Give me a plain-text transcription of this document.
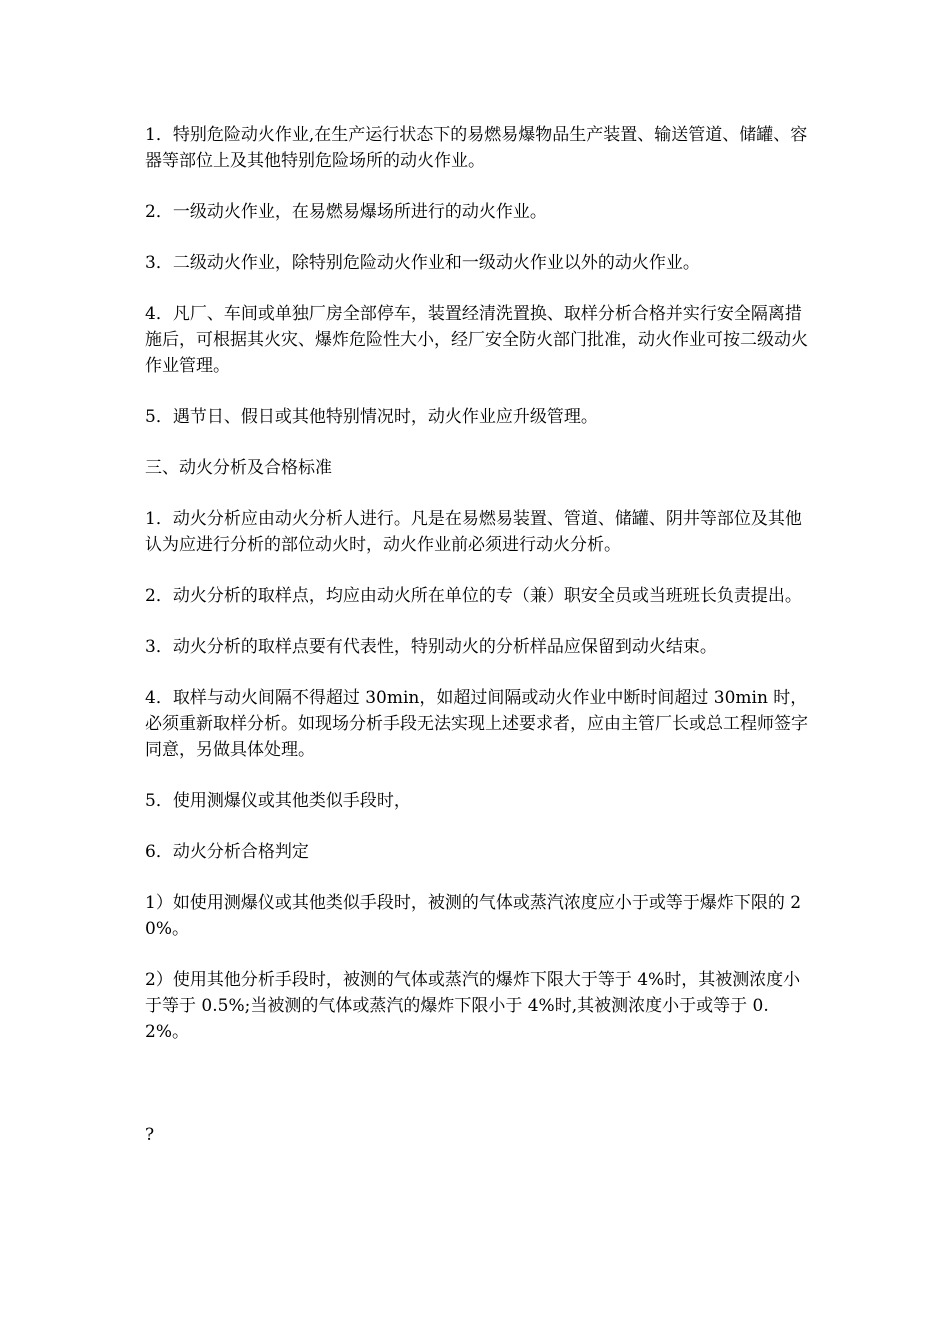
1．特别危险动火作业,在生产运行状态下的易燃易爆物品生产装置、输送管道、储罐、容器等部位上及其他特别危险场所的动火作业。

2．一级动火作业，在易燃易爆场所进行的动火作业。

3．二级动火作业，除特别危险动火作业和一级动火作业以外的动火作业。

4．凡厂、车间或单独厂房全部停车，装置经清洗置换、取样分析合格并实行安全隔离措施后，可根据其火灾、爆炸危险性大小，经厂安全防火部门批准，动火作业可按二级动火作业管理。

5．遇节日、假日或其他特别情况时，动火作业应升级管理。

三、动火分析及合格标准

1．动火分析应由动火分析人进行。凡是在易燃易装置、管道、储罐、阴井等部位及其他认为应进行分析的部位动火时，动火作业前必须进行动火分析。

2．动火分析的取样点，均应由动火所在单位的专（兼）职安全员或当班班长负责提出。

3．动火分析的取样点要有代表性，特别动火的分析样品应保留到动火结束。

4．取样与动火间隔不得超过 30min，如超过间隔或动火作业中断时间超过 30min 时，必须重新取样分析。如现场分析手段无法实现上述要求者，应由主管厂长或总工程师签字同意，另做具体处理。

5．使用测爆仪或其他类似手段时，

6．动火分析合格判定

1）如使用测爆仪或其他类似手段时，被测的气体或蒸汽浓度应小于或等于爆炸下限的 20%。

2）使用其他分析手段时，被测的气体或蒸汽的爆炸下限大于等于 4%时，其被测浓度小于等于 0.5%;当被测的气体或蒸汽的爆炸下限小于 4%时,其被测浓度小于或等于 0.2%。

?
